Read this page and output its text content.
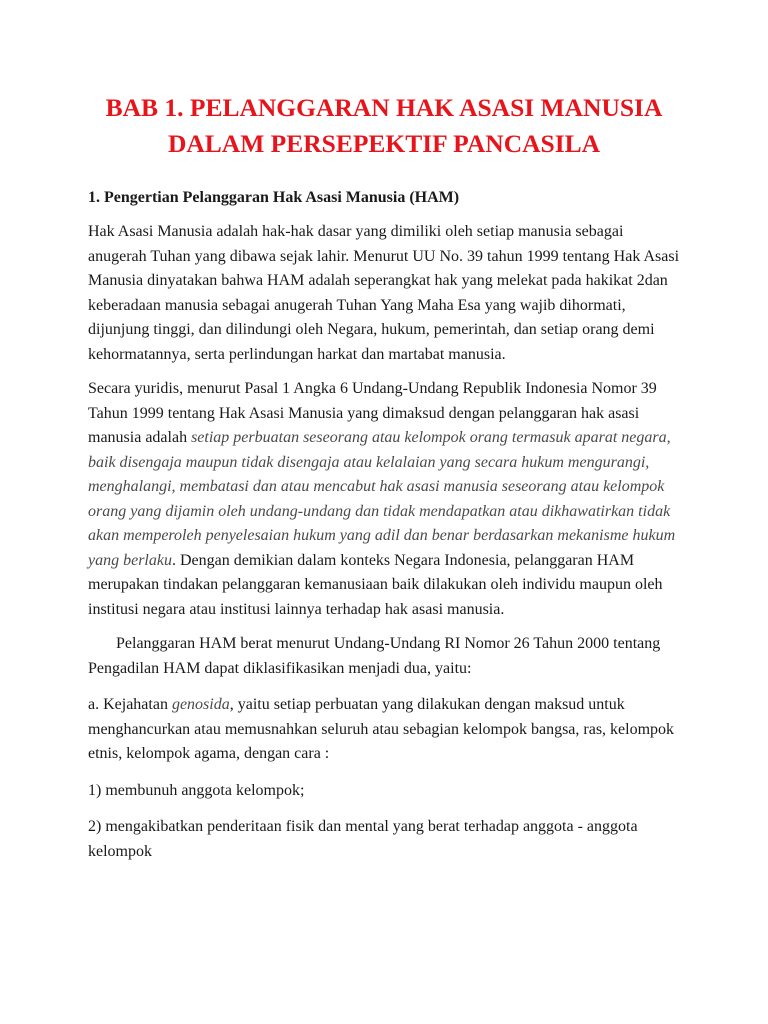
BAB 1. PELANGGARAN HAK ASASI MANUSIA
DALAM PERSEPEKTIF PANCASILA
1. Pengertian Pelanggaran Hak Asasi Manusia (HAM)

Hak Asasi Manusia adalah hak-hak dasar yang dimiliki oleh setiap manusia sebagai anugerah Tuhan yang dibawa sejak lahir. Menurut UU No. 39 tahun 1999 tentang Hak Asasi Manusia dinyatakan bahwa HAM adalah seperangkat hak yang melekat pada hakikat 2dan keberadaan manusia sebagai anugerah Tuhan Yang Maha Esa yang wajib dihormati, dijunjung tinggi, dan dilindungi oleh Negara, hukum, pemerintah, dan setiap orang demi kehormatannya, serta perlindungan harkat dan martabat manusia.

Secara yuridis, menurut Pasal 1 Angka 6 Undang-Undang Republik Indonesia Nomor 39 Tahun 1999 tentang Hak Asasi Manusia yang dimaksud dengan pelanggaran hak asasi manusia adalah setiap perbuatan seseorang atau kelompok orang termasuk aparat negara, baik disengaja maupun tidak disengaja atau kelalaian yang secara hukum mengurangi, menghalangi, membatasi dan atau mencabut hak asasi manusia seseorang atau kelompok orang yang dijamin oleh undang-undang dan tidak mendapatkan atau dikhawatirkan tidak akan memperoleh penyelesaian hukum yang adil dan benar berdasarkan mekanisme hukum yang berlaku. Dengan demikian dalam konteks Negara Indonesia, pelanggaran HAM merupakan tindakan pelanggaran kemanusiaan baik dilakukan oleh individu maupun oleh institusi negara atau institusi lainnya terhadap hak asasi manusia.

Pelanggaran HAM berat menurut Undang-Undang RI Nomor 26 Tahun 2000 tentang Pengadilan HAM dapat diklasifikasikan menjadi dua, yaitu:

a. Kejahatan genosida, yaitu setiap perbuatan yang dilakukan dengan maksud untuk menghancurkan atau memusnahkan seluruh atau sebagian kelompok bangsa, ras, kelompok etnis, kelompok agama, dengan cara :

1) membunuh anggota kelompok;

2) mengakibatkan penderitaan fisik dan mental yang berat terhadap anggota - anggota kelompok
